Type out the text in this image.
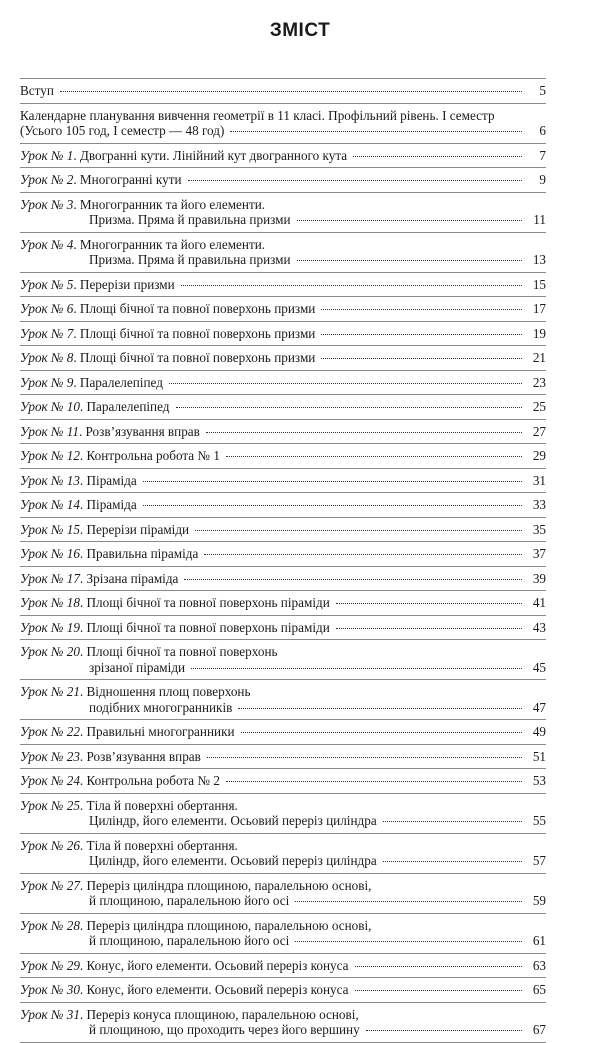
ЗМІСТ
Вступ	5
Календарне планування вивчення геометрії в 11 класі. Профільний рівень. І семестр
(Усього 105 год, І семестр — 48 год)	6
Урок № 1 . Двогранні кути. Лінійний кут двогранного кута	7
Урок № 2 . Многогранні кути	9
Урок № 3 . Многогранник та його елементи.
Призма. Пряма й правильна призми	11
Урок № 4 . Многогранник та його елементи.
Призма. Пряма й правильна призми	13
Урок № 5 . Перерізи призми	15
Урок № 6 . Площі бічної та повної поверхонь призми	17
Урок № 7 . Площі бічної та повної поверхонь призми	19
Урок № 8 . Площі бічної та повної поверхонь призми	21
Урок № 9 . Паралелепіпед	23
Урок № 10 . Паралелепіпед	25
Урок № 11 . Розв’язування вправ	27
Урок № 12 . Контрольна робота № 1	29
Урок № 13 . Піраміда	31
Урок № 14 . Піраміда	33
Урок № 15 . Перерізи піраміди	35
Урок № 16 . Правильна піраміда	37
Урок № 17 . Зрізана піраміда	39
Урок № 18 . Площі бічної та повної поверхонь піраміди	41
Урок № 19 . Площі бічної та повної поверхонь піраміди	43
Урок № 20 . Площі бічної та повної поверхонь
зрізаної піраміди	45
Урок № 21 . Відношення площ поверхонь
подібних многогранників	47
Урок № 22 . Правильні многогранники	49
Урок № 23 . Розв’язування вправ	51
Урок № 24 . Контрольна робота № 2	53
Урок № 25 . Тіла й поверхні обертання.
Циліндр, його елементи. Осьовий переріз циліндра	55
Урок № 26 . Тіла й поверхні обертання.
Циліндр, його елементи. Осьовий переріз циліндра	57
Урок № 27 . Переріз циліндра площиною, паралельною основі,
й площиною, паралельною його осі	59
Урок № 28 . Переріз циліндра площиною, паралельною основі,
й площиною, паралельною його осі	61
Урок № 29 . Конус, його елементи. Осьовий переріз конуса	63
Урок № 30 . Конус, його елементи. Осьовий переріз конуса	65
Урок № 31 . Переріз конуса площиною, паралельною основі,
й площиною, що проходить через його вершину	67
